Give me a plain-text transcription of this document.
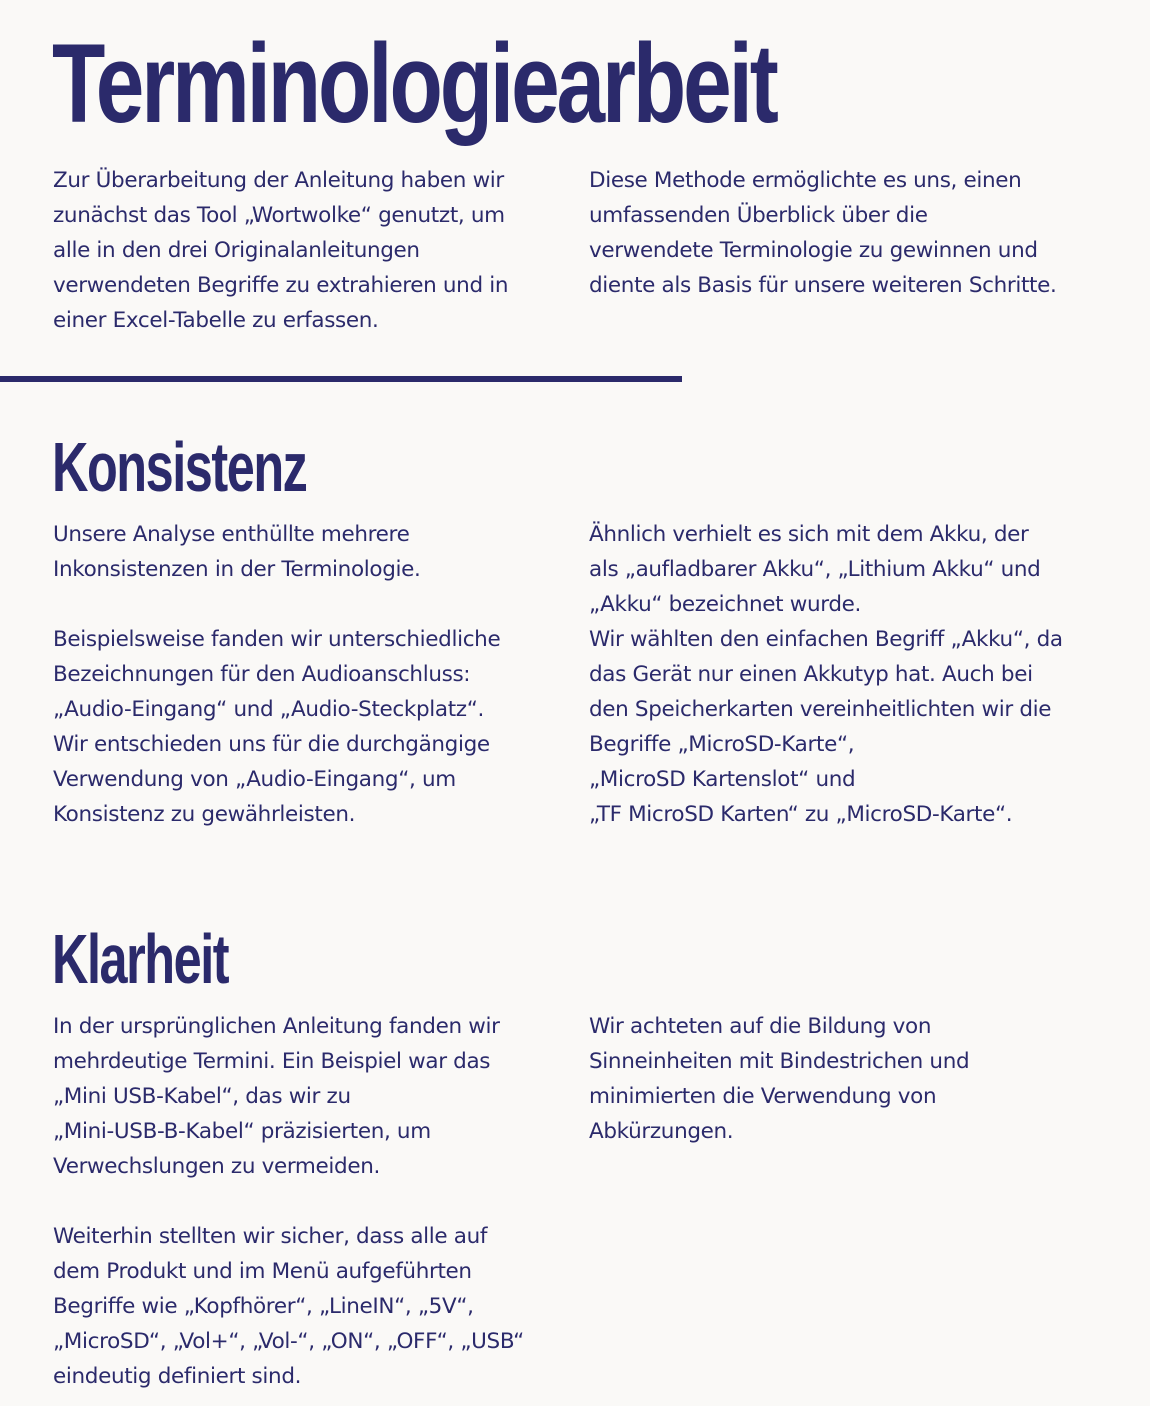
Terminologiearbeit

Zur Überarbeitung der Anleitung haben wir
zunächst das Tool „Wortwolke“ genutzt, um
alle in den drei Originalanleitungen
verwendeten Begriffe zu extrahieren und in
einer Excel-Tabelle zu erfassen.

Diese Methode ermöglichte es uns, einen
umfassenden Überblick über die
verwendete Terminologie zu gewinnen und
diente als Basis für unsere weiteren Schritte.

Konsistenz

Unsere Analyse enthüllte mehrere
Inkonsistenzen in der Terminologie.

Beispielsweise fanden wir unterschiedliche
Bezeichnungen für den Audioanschluss:
„Audio-Eingang“ und „Audio-Steckplatz“.
Wir entschieden uns für die durchgängige
Verwendung von „Audio-Eingang“, um
Konsistenz zu gewährleisten.

Ähnlich verhielt es sich mit dem Akku, der
als „aufladbarer Akku“, „Lithium Akku“ und
„Akku“ bezeichnet wurde.
Wir wählten den einfachen Begriff „Akku“, da
das Gerät nur einen Akkutyp hat. Auch bei
den Speicherkarten vereinheitlichten wir die
Begriffe „MicroSD-Karte“,
„MicroSD Kartenslot“ und
„TF MicroSD Karten“ zu „MicroSD-Karte“.

Klarheit

In der ursprünglichen Anleitung fanden wir
mehrdeutige Termini. Ein Beispiel war das
„Mini USB-Kabel“, das wir zu
„Mini-USB-B-Kabel“ präzisierten, um
Verwechslungen zu vermeiden.

Weiterhin stellten wir sicher, dass alle auf
dem Produkt und im Menü aufgeführten
Begriffe wie „Kopfhörer“, „LineIN“, „5V“,
„MicroSD“, „Vol+“, „Vol-“, „ON“, „OFF“, „USB“
eindeutig definiert sind.

Wir achteten auf die Bildung von
Sinneinheiten mit Bindestrichen und
minimierten die Verwendung von
Abkürzungen.
